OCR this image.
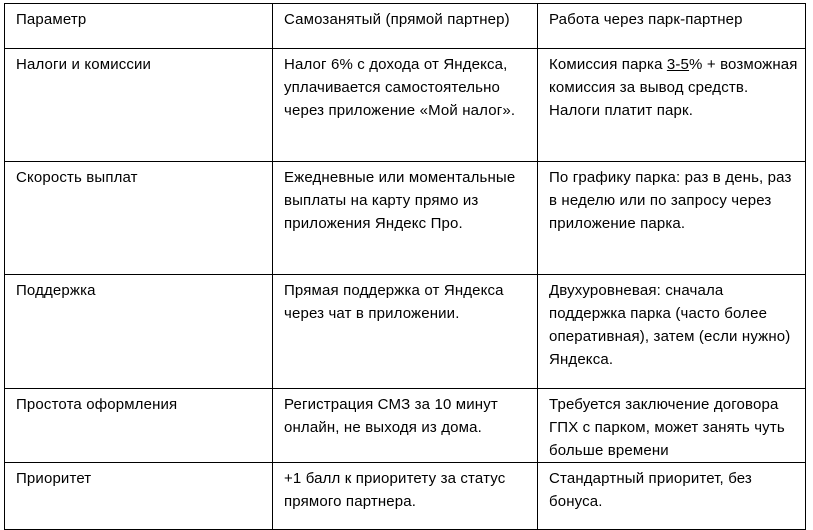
Параметр	Самозанятый (прямой партнер)	Работа через парк-партнер
Налоги и комиссии	Налог 6% с дохода от Яндекса, уплачивается самостоятельно через приложение «Мой налог».	Комиссия парка 3-5% + возможная комиссия за вывод средств. Налоги платит парк.
Скорость выплат	Ежедневные или моментальные выплаты на карту прямо из приложения Яндекс Про.	По графику парка: раз в день, раз в неделю или по запросу через приложение парка.
Поддержка	Прямая поддержка от Яндекса через чат в приложении.	Двухуровневая: сначала поддержка парка (часто более оперативная), затем (если нужно) Яндекса.
Простота оформления	Регистрация СМЗ за 10 минут онлайн, не выходя из дома.	Требуется заключение договора ГПХ с парком, может занять чуть больше времени
Приоритет	+1 балл к приоритету за статус прямого партнера.	Стандартный приоритет, без бонуса.
